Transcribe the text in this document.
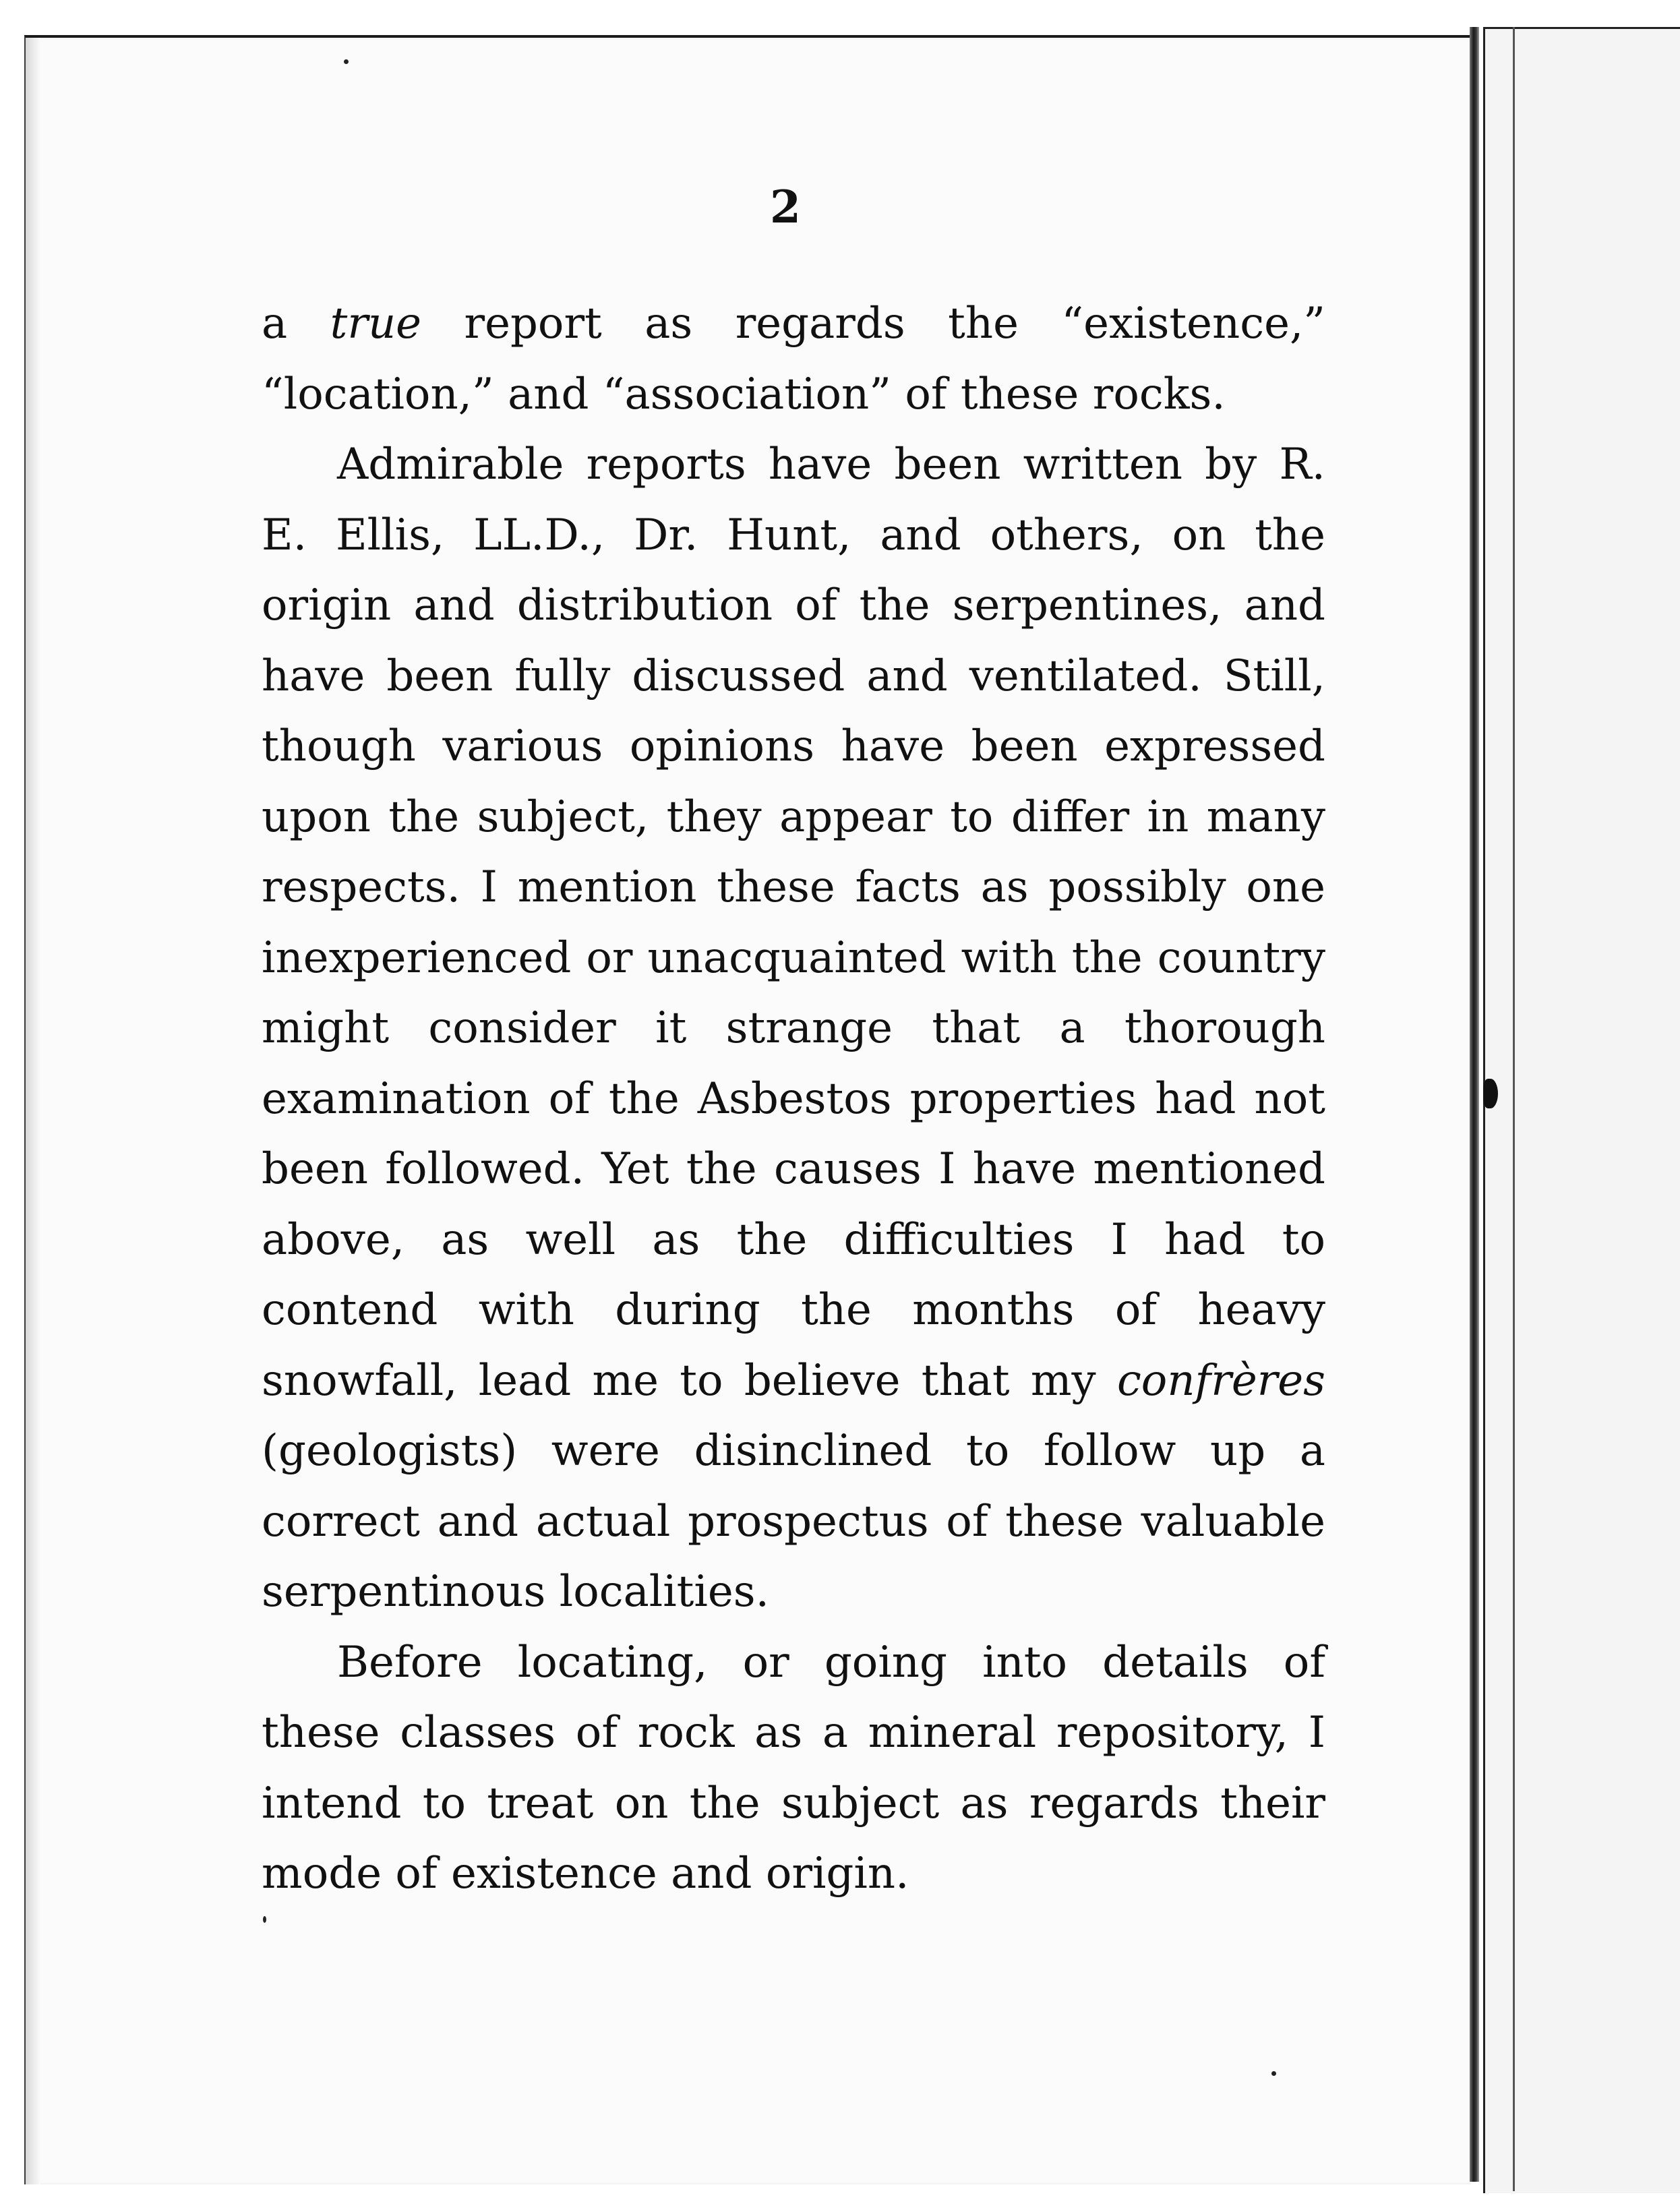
2

a true report as regards the “existence,” “location,” and “association” of these rocks.

Admirable reports have been written by R. E. Ellis, LL.D., Dr. Hunt, and others, on the origin and distribution of the serpentines, and have been fully discussed and ventilated. Still, though various opinions have been expressed upon the subject, they appear to differ in many respects. I mention these facts as possibly one inexperienced or unacquainted with the country might consider it strange that a thorough examination of the Asbestos properties had not been followed. Yet the causes I have mentioned above, as well as the difficulties I had to contend with during the months of heavy snowfall, lead me to believe that my confrères (geologists) were disinclined to follow up a correct and actual prospectus of these valuable serpentinous localities.

Before locating, or going into details of these classes of rock as a mineral repository, I intend to treat on the subject as regards their mode of existence and origin.
